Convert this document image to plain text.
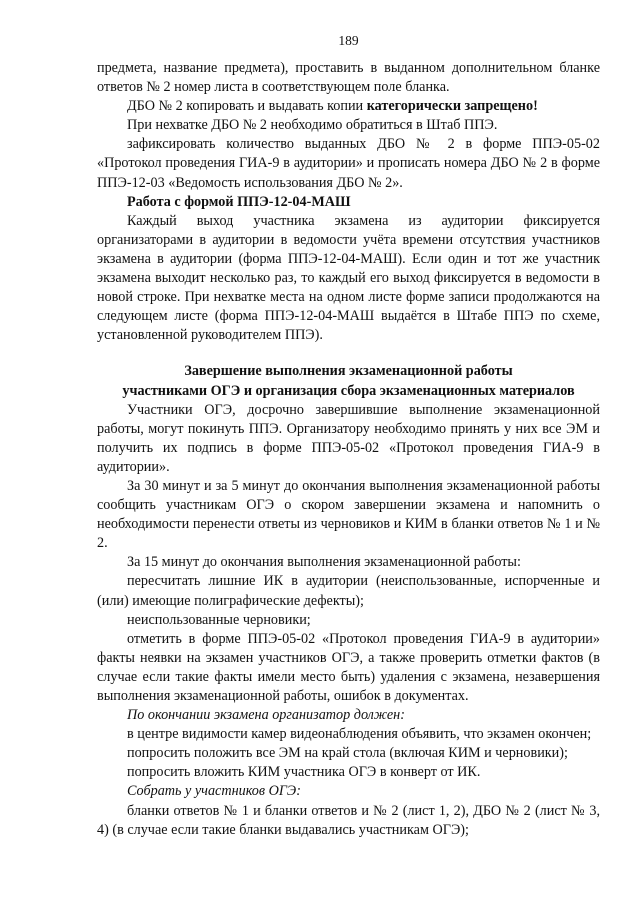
189

предмета, название предмета), проставить в выданном дополнительном бланке ответов № 2 номер листа в соответствующем поле бланка.

ДБО № 2 копировать и выдавать копии категорически запрещено!

При нехватке ДБО № 2 необходимо обратиться в Штаб ППЭ.

зафиксировать количество выданных ДБО № 2 в форме ППЭ-05-02 «Протокол проведения ГИА-9 в аудитории» и прописать номера ДБО № 2 в форме ППЭ-12-03 «Ведомость использования ДБО № 2».

Работа с формой ППЭ-12-04-МАШ

Каждый выход участника экзамена из аудитории фиксируется организаторами в аудитории в ведомости учёта времени отсутствия участников экзамена в аудитории (форма ППЭ-12-04-МАШ). Если один и тот же участник экзамена выходит несколько раз, то каждый его выход фиксируется в ведомости в новой строке. При нехватке места на одном листе форме записи продолжаются на следующем листе (форма ППЭ-12-04-МАШ выдаётся в Штабе ППЭ по схеме, установленной руководителем ППЭ).

Завершение выполнения экзаменационной работы

участниками ОГЭ и организация сбора экзаменационных материалов

Участники ОГЭ, досрочно завершившие выполнение экзаменационной работы, могут покинуть ППЭ. Организатору необходимо принять у них все ЭМ и получить их подпись в форме ППЭ-05-02 «Протокол проведения ГИА-9 в аудитории».

За 30 минут и за 5 минут до окончания выполнения экзаменационной работы сообщить участникам ОГЭ о скором завершении экзамена и напомнить о необходимости перенести ответы из черновиков и КИМ в бланки ответов № 1 и № 2.

За 15 минут до окончания выполнения экзаменационной работы:

пересчитать лишние ИК в аудитории (неиспользованные, испорченные и (или) имеющие полиграфические дефекты);

неиспользованные черновики;

отметить в форме ППЭ-05-02 «Протокол проведения ГИА-9 в аудитории» факты неявки на экзамен участников ОГЭ, а также проверить отметки фактов (в случае если такие факты имели место быть) удаления с экзамена, незавершения выполнения экзаменационной работы, ошибок в документах.

По окончании экзамена организатор должен:

в центре видимости камер видеонаблюдения объявить, что экзамен окончен;

попросить положить все ЭМ на край стола (включая КИМ и черновики);

попросить вложить КИМ участника ОГЭ в конверт от ИК.

Собрать у участников ОГЭ:

бланки ответов № 1 и бланки ответов и № 2 (лист 1, 2), ДБО № 2 (лист № 3, 4) (в случае если такие бланки выдавались участникам ОГЭ);
